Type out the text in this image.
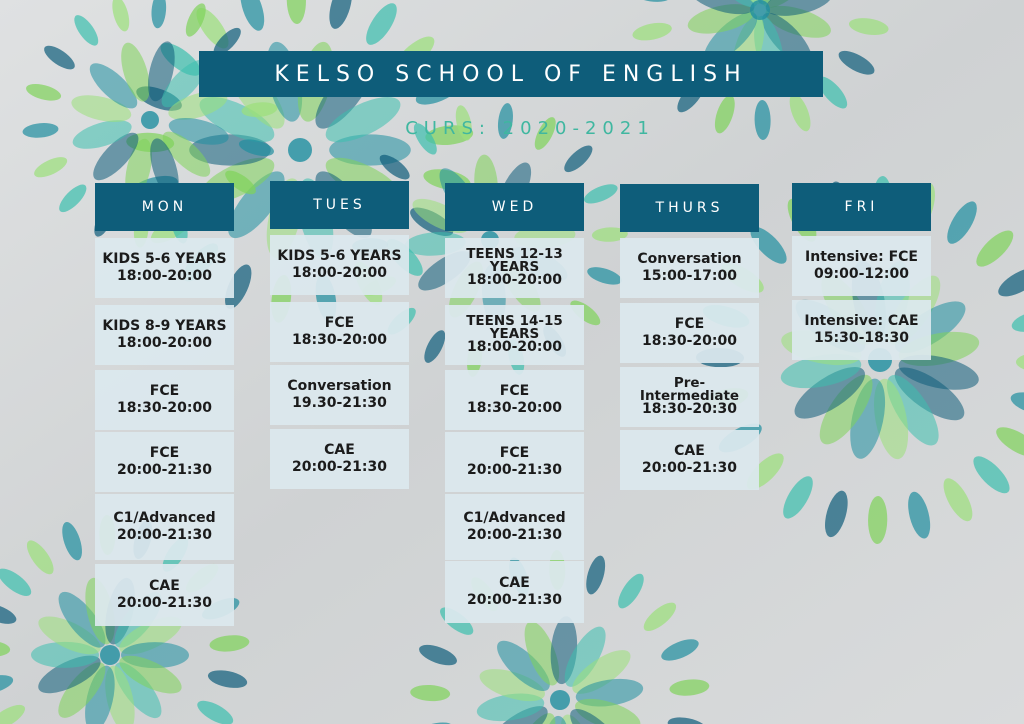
KELSO SCHOOL OF ENGLISH
CURS: 2020-2021
MON
KIDS 5-6 YEARS
18:00-20:00
KIDS 8-9 YEARS
18:00-20:00
FCE
18:30-20:00
FCE
20:00-21:30
C1/Advanced
20:00-21:30
CAE
20:00-21:30
TUES
KIDS 5-6 YEARS
18:00-20:00
FCE
18:30-20:00
Conversation
19.30-21:30
CAE
20:00-21:30
WED
TEENS 12-13 YEARS
18:00-20:00
TEENS 14-15 YEARS
18:00-20:00
FCE
18:30-20:00
FCE
20:00-21:30
C1/Advanced
20:00-21:30
CAE
20:00-21:30
THURS
Conversation
15:00-17:00
FCE
18:30-20:00
Pre-Intermediate
18:30-20:30
CAE
20:00-21:30
FRI
Intensive: FCE
09:00-12:00
Intensive: CAE
15:30-18:30
